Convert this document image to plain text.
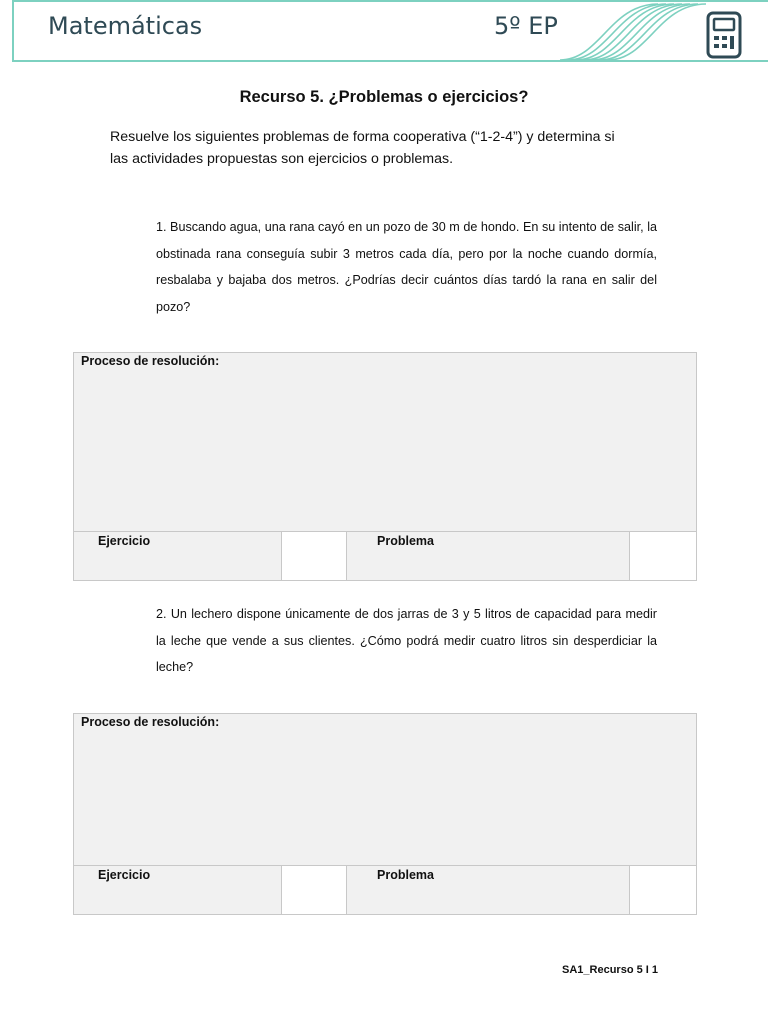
Matemáticas	5º EP
Recurso 5. ¿Problemas o ejercicios?

Resuelve los siguientes problemas de forma cooperativa (“1-2-4”) y determina si las actividades propuestas son ejercicios o problemas.

1. Buscando agua, una rana cayó en un pozo de 30 m de hondo. En su intento de salir, la obstinada rana conseguía subir 3 metros cada día, pero por la noche cuando dormía, resbalaba y bajaba dos metros. ¿Podrías decir cuántos días tardó la rana en salir del pozo?

Proceso de resolución:
Ejercicio	Problema

2. Un lechero dispone únicamente de dos jarras de 3 y 5 litros de capacidad para medir la leche que vende a sus clientes. ¿Cómo podrá medir cuatro litros sin desperdiciar la leche?

Proceso de resolución:
Ejercicio	Problema
SA1_Recurso 5 I 1
